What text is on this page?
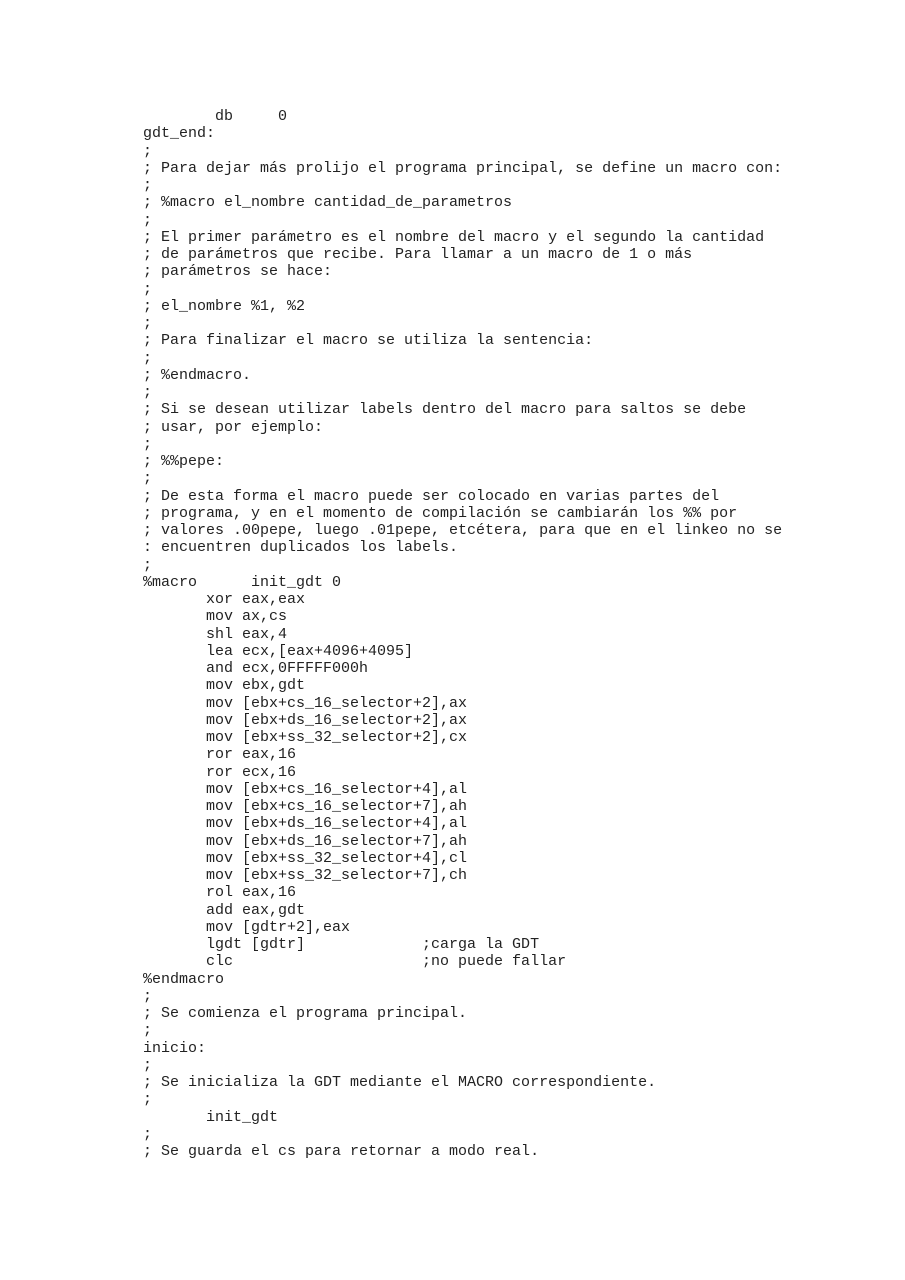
db     0
gdt_end:
;
; Para dejar más prolijo el programa principal, se define un macro con:
;
; %macro el_nombre cantidad_de_parametros
;
; El primer parámetro es el nombre del macro y el segundo la cantidad
; de parámetros que recibe. Para llamar a un macro de 1 o más
; parámetros se hace:
;
; el_nombre %1, %2
;
; Para finalizar el macro se utiliza la sentencia:
;
; %endmacro.
;
; Si se desean utilizar labels dentro del macro para saltos se debe
; usar, por ejemplo:
;
; %%pepe:
;
; De esta forma el macro puede ser colocado en varias partes del
; programa, y en el momento de compilación se cambiarán los %% por
; valores .00pepe, luego .01pepe, etcétera, para que en el linkeo no se
: encuentren duplicados los labels.
;
%macro      init_gdt 0
xor eax,eax
mov ax,cs
shl eax,4
lea ecx,[eax+4096+4095]
and ecx,0FFFFF000h
mov ebx,gdt
mov [ebx+cs_16_selector+2],ax
mov [ebx+ds_16_selector+2],ax
mov [ebx+ss_32_selector+2],cx
ror eax,16
ror ecx,16
mov [ebx+cs_16_selector+4],al
mov [ebx+cs_16_selector+7],ah
mov [ebx+ds_16_selector+4],al
mov [ebx+ds_16_selector+7],ah
mov [ebx+ss_32_selector+4],cl
mov [ebx+ss_32_selector+7],ch
rol eax,16
add eax,gdt
mov [gdtr+2],eax
lgdt [gdtr]             ;carga la GDT
clc                     ;no puede fallar
%endmacro
;
; Se comienza el programa principal.
;
inicio:
;
; Se inicializa la GDT mediante el MACRO correspondiente.
;
init_gdt
;
; Se guarda el cs para retornar a modo real.
